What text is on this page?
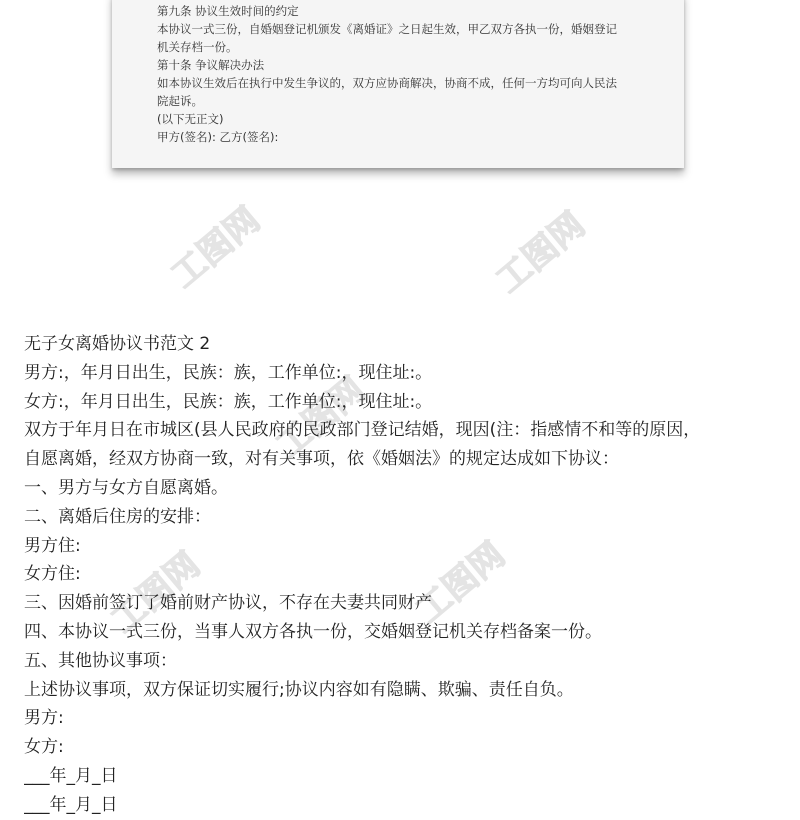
第九条 协议生效时间的约定

本协议一式三份，自婚姻登记机颁发《离婚证》之日起生效，甲乙双方各执一份，婚姻登记

机关存档一份。

第十条 争议解决办法

如本协议生效后在执行中发生争议的，双方应协商解决，协商不成，任何一方均可向人民法

院起诉。

(以下无正文)

甲方(签名): 乙方(签名):

工图网	工图网
工图网
工图网
工图网

无子女离婚协议书范文 2

男方:，年月日出生，民族：族，工作单位:，现住址:。

女方:，年月日出生，民族：族，工作单位:，现住址:。

双方于年月日在市城区(县人民政府的民政部门登记结婚，现因(注：指感情不和等的原因，

自愿离婚，经双方协商一致，对有关事项，依《婚姻法》的规定达成如下协议：

一、男方与女方自愿离婚。

二、离婚后住房的安排：

男方住:

女方住:

三、因婚前签订了婚前财产协议，不存在夫妻共同财产

四、本协议一式三份，当事人双方各执一份，交婚姻登记机关存档备案一份。

五、其他协议事项：

上述协议事项，双方保证切实履行;协议内容如有隐瞒、欺骗、责任自负。

男方:

女方:

___年_月_日

___年_月_日
